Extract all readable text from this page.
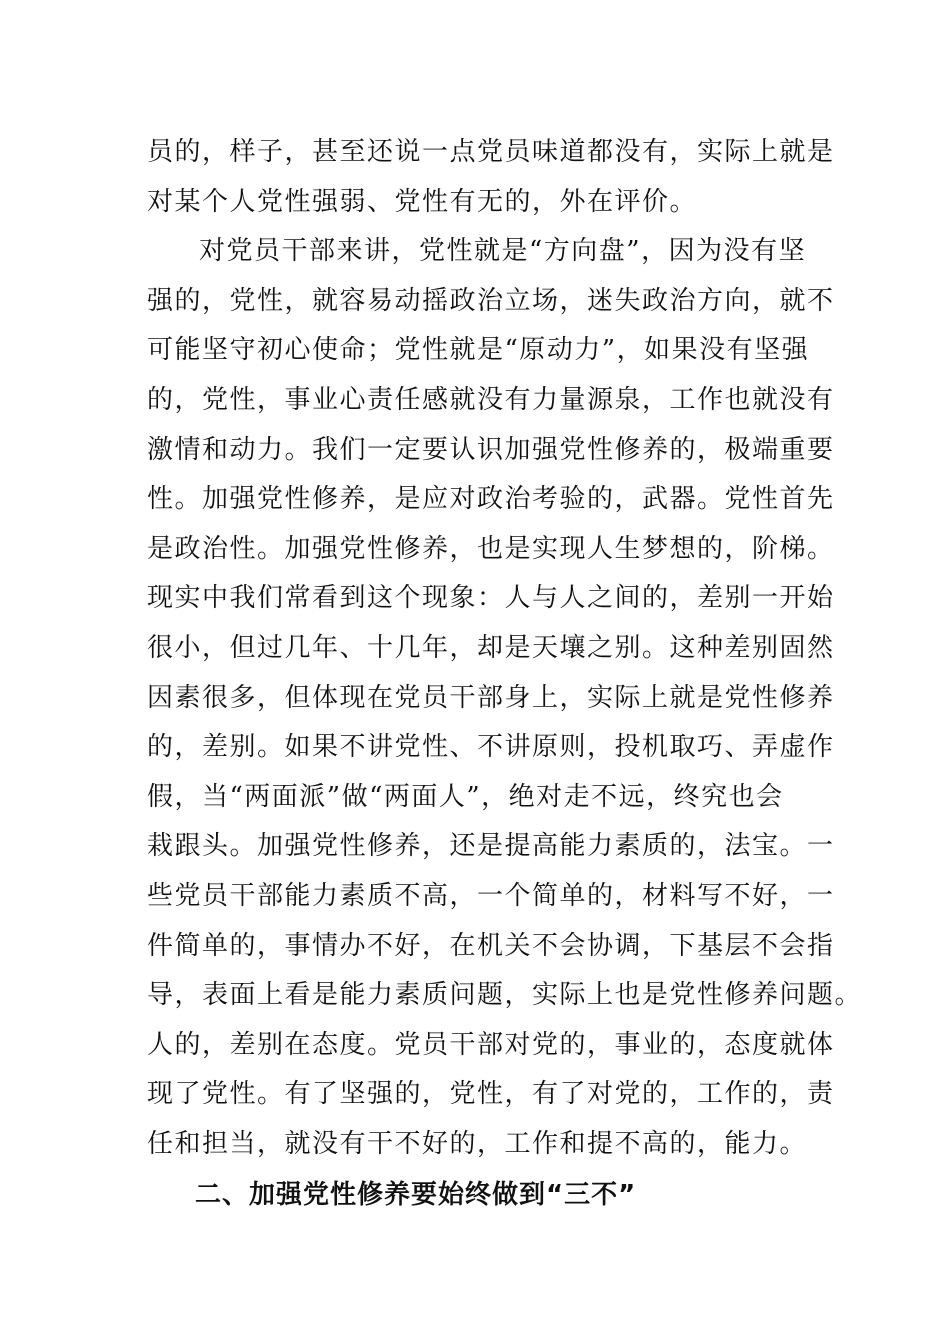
员的，样子，甚至还说一点党员味道都没有，实际上就是
对某个人党性强弱、党性有无的，外在评价。
对党员干部来讲，党性就是“方向盘”，因为没有坚
强的，党性，就容易动摇政治立场，迷失政治方向，就不
可能坚守初心使命；党性就是“原动力”，如果没有坚强
的，党性，事业心责任感就没有力量源泉，工作也就没有
激情和动力。我们一定要认识加强党性修养的，极端重要
性。加强党性修养，是应对政治考验的，武器。党性首先
是政治性。加强党性修养，也是实现人生梦想的，阶梯。
现实中我们常看到这个现象：人与人之间的，差别一开始
很小，但过几年、十几年，却是天壤之别。这种差别固然
因素很多，但体现在党员干部身上，实际上就是党性修养
的，差别。如果不讲党性、不讲原则，投机取巧、弄虚作
假，当“两面派”做“两面人”，绝对走不远，终究也会
栽跟头。加强党性修养，还是提高能力素质的，法宝。一
些党员干部能力素质不高，一个简单的，材料写不好，一
件简单的，事情办不好，在机关不会协调，下基层不会指
导，表面上看是能力素质问题，实际上也是党性修养问题。
人的，差别在态度。党员干部对党的，事业的，态度就体
现了党性。有了坚强的，党性，有了对党的，工作的，责
任和担当，就没有干不好的，工作和提不高的，能力。
二、加强党性修养要始终做到“三不”
